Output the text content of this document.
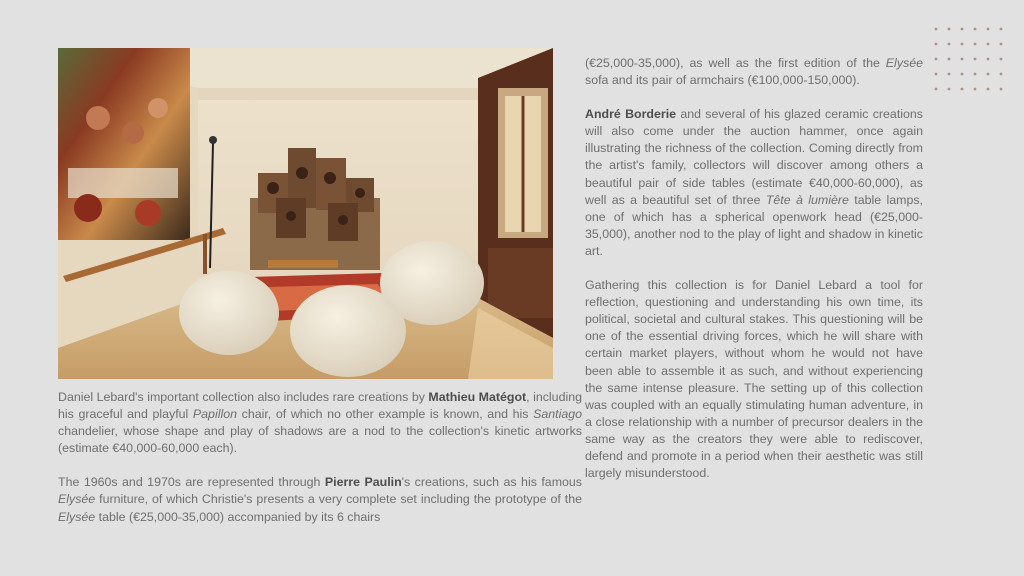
Daniel Lebard's important collection also includes rare creations by Mathieu Matégot, including his graceful and playful Papillon chair, of which no other example is known, and his Santiago chandelier, whose shape and play of shadows are a nod to the collection's kinetic artworks (estimate €40,000-60,000 each).

The 1960s and 1970s are represented through Pierre Paulin's creations, such as his famous Elysée furniture, of which Christie's presents a very complete set including the prototype of the Elysée table (€25,000-35,000) accompanied by its 6 chairs

(€25,000-35,000), as well as the first edition of the Elysée sofa and its pair of armchairs (€100,000-150,000).

André Borderie and several of his glazed ceramic creations will also come under the auction hammer, once again illustrating the richness of the collection. Coming directly from the artist's family, collectors will discover among others a beautiful pair of side tables (estimate €40,000-60,000), as well as a beautiful set of three Tête à lumière table lamps, one of which has a spherical openwork head (€25,000-35,000), another nod to the play of light and shadow in kinetic art.

Gathering this collection is for Daniel Lebard a tool for reflection, questioning and understanding his own time, its political, societal and cultural stakes. This questioning will be one of the essential driving forces, which he will share with certain market players, without whom he would not have been able to assemble it as such, and without experiencing the same intense pleasure. The setting up of this collection was coupled with an equally stimulating human adventure, in a close relationship with a number of precursor dealers in the same way as the creators they were able to rediscover, defend and promote in a period when their aesthetic was still largely misunderstood.
